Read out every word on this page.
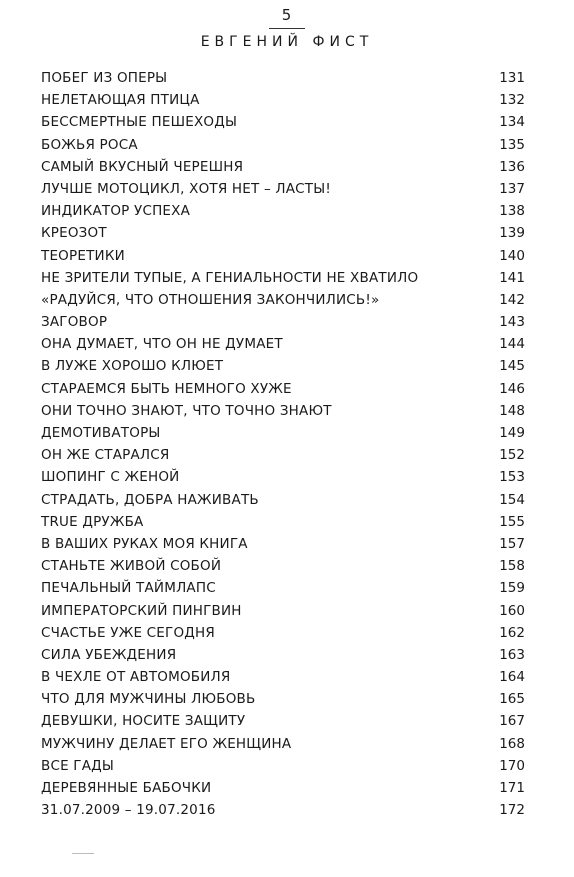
5
ЕВГЕНИЙ ФИСТ
ПОБЕГ ИЗ ОПЕРЫ	131
НЕЛЕТАЮЩАЯ ПТИЦА	132
БЕССМЕРТНЫЕ ПЕШЕХОДЫ	134
БОЖЬЯ РОСА	135
САМЫЙ ВКУСНЫЙ ЧЕРЕШНЯ	136
ЛУЧШЕ МОТОЦИКЛ, ХОТЯ НЕТ – ЛАСТЫ!	137
ИНДИКАТОР УСПЕХА	138
КРЕОЗОТ	139
ТЕОРЕТИКИ	140
НЕ ЗРИТЕЛИ ТУПЫЕ, А ГЕНИАЛЬНОСТИ НЕ ХВАТИЛО	141
«РАДУЙСЯ, ЧТО ОТНОШЕНИЯ ЗАКОНЧИЛИСЬ!»	142
ЗАГОВОР	143
ОНА ДУМАЕТ, ЧТО ОН НЕ ДУМАЕТ	144
В ЛУЖЕ ХОРОШО КЛЮЕТ	145
СТАРАЕМСЯ БЫТЬ НЕМНОГО ХУЖЕ	146
ОНИ ТОЧНО ЗНАЮТ, ЧТО ТОЧНО ЗНАЮТ	148
ДЕМОТИВАТОРЫ	149
ОН ЖЕ СТАРАЛСЯ	152
ШОПИНГ С ЖЕНОЙ	153
СТРАДАТЬ, ДОБРА НАЖИВАТЬ	154
TRUE ДРУЖБА	155
В ВАШИХ РУКАХ МОЯ КНИГА	157
СТАНЬТЕ ЖИВОЙ СОБОЙ	158
ПЕЧАЛЬНЫЙ ТАЙМЛАПС	159
ИМПЕРАТОРСКИЙ ПИНГВИН	160
СЧАСТЬЕ УЖЕ СЕГОДНЯ	162
СИЛА УБЕЖДЕНИЯ	163
В ЧЕХЛЕ ОТ АВТОМОБИЛЯ	164
ЧТО ДЛЯ МУЖЧИНЫ ЛЮБОВЬ	165
ДЕВУШКИ, НОСИТЕ ЗАЩИТУ	167
МУЖЧИНУ ДЕЛАЕТ ЕГО ЖЕНЩИНА	168
ВСЕ ГАДЫ	170
ДЕРЕВЯННЫЕ БАБОЧКИ	171
31.07.2009 – 19.07.2016	172
